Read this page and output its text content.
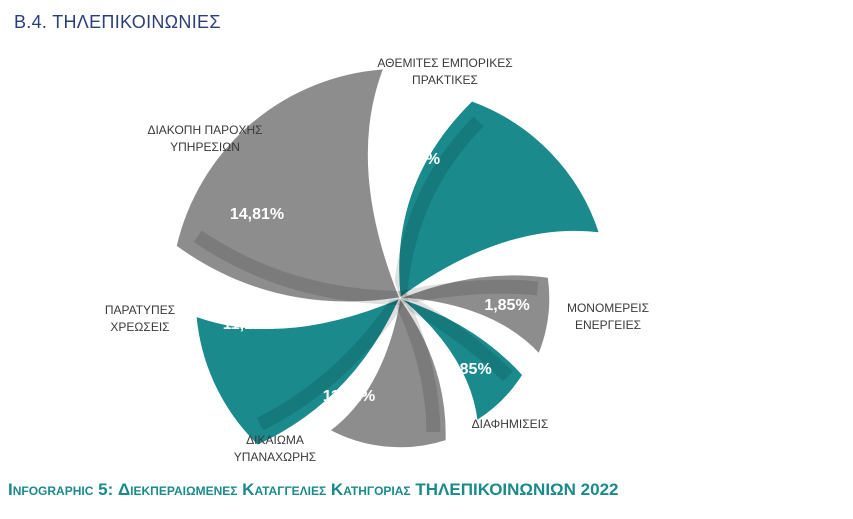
Β.4. ΤΗΛΕΠΙΚΟΙΝΩΝΙΕΣ
ΑΘΕΜΙΤΕΣ ΕΜΠΟΡΙΚΕΣ
ΠΡΑΚΤΙΚΕΣ
ΜΟΝΟΜΕΡΕΙΣ
ΕΝΕΡΓΕΙΕΣ
ΔΙΑΦΗΜΙΣΕΙΣ
ΔΙΚΑΙΩΜΑ
ΥΠΑΝΑΧΩΡΗΣ
ΠΑΡΑΤΥΠΕΣ
ΧΡΕΩΣΕΙΣ
ΔΙΑΚΟΠΗ ΠΑΡΟΧΗΣ
ΥΠΗΡΕΣΙΩΝ
59,27%
1,85%
1,85%
11,11%
11,11%
14,81%
Infographic 5: Διεκπεραιωμενες Καταγγελιες Κατηγοριας ΤΗΛΕΠΙΚΟΙΝΩΝΙΩΝ 2022
